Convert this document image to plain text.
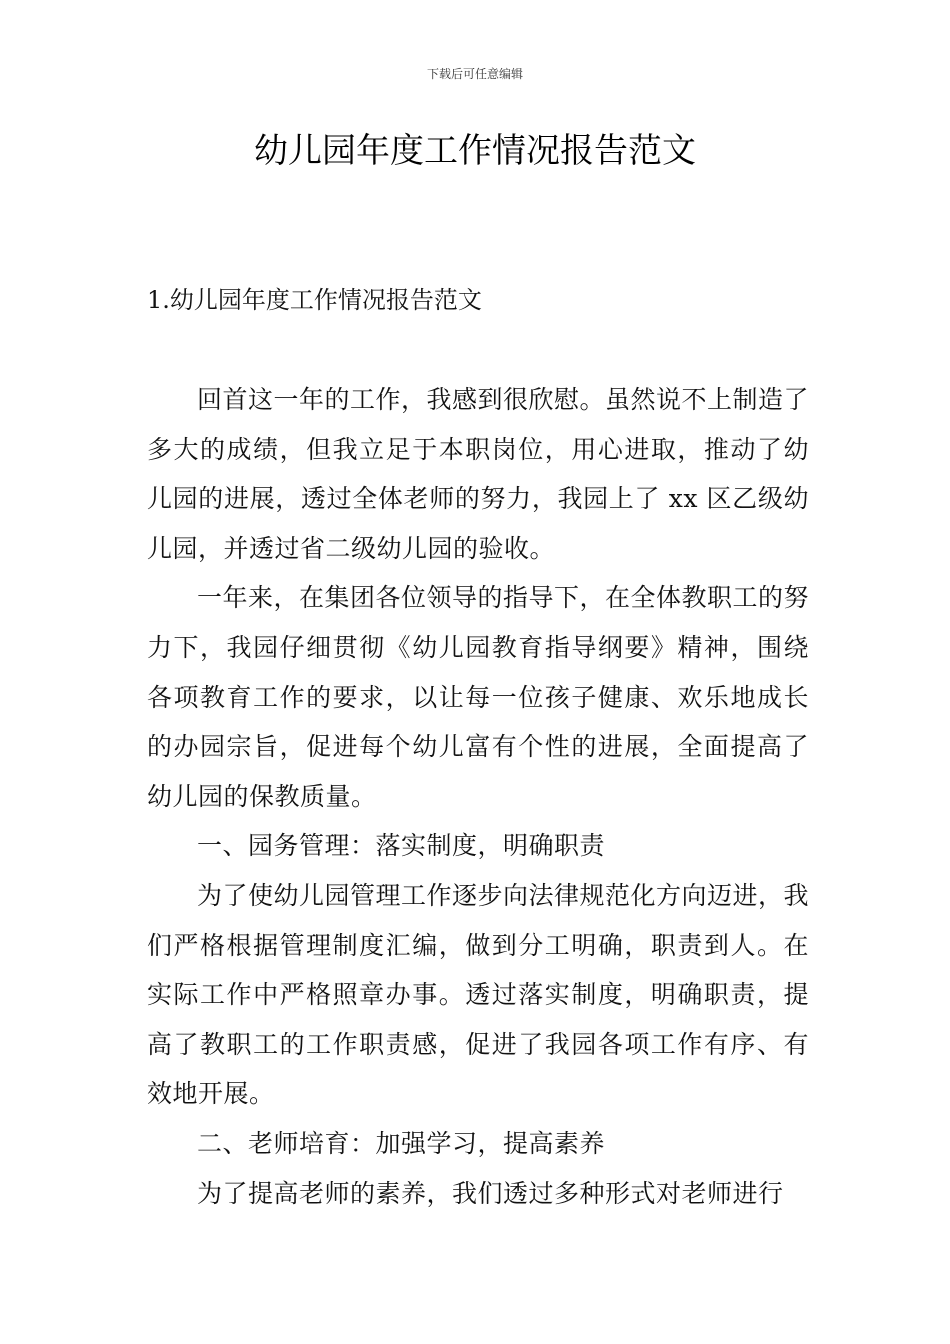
下载后可任意编辑
幼儿园年度工作情况报告范文
1.幼儿园年度工作情况报告范文

回首这一年的工作，我感到很欣慰。虽然说不上制造了多大的成绩，但我立足于本职岗位，用心进取，推动了幼儿园的进展，透过全体老师的努力，我园上了 xx 区乙级幼儿园，并透过省二级幼儿园的验收。

一年来，在集团各位领导的指导下，在全体教职工的努力下，我园仔细贯彻《幼儿园教育指导纲要》精神，围绕各项教育工作的要求，以让每一位孩子健康、欢乐地成长的办园宗旨，促进每个幼儿富有个性的进展，全面提高了幼儿园的保教质量。

一、园务管理：落实制度，明确职责

为了使幼儿园管理工作逐步向法律规范化方向迈进，我们严格根据管理制度汇编，做到分工明确，职责到人。在实际工作中严格照章办事。透过落实制度，明确职责，提高了教职工的工作职责感，促进了我园各项工作有序、有效地开展。

二、老师培育：加强学习，提高素养

为了提高老师的素养，我们透过多种形式对老师进行
